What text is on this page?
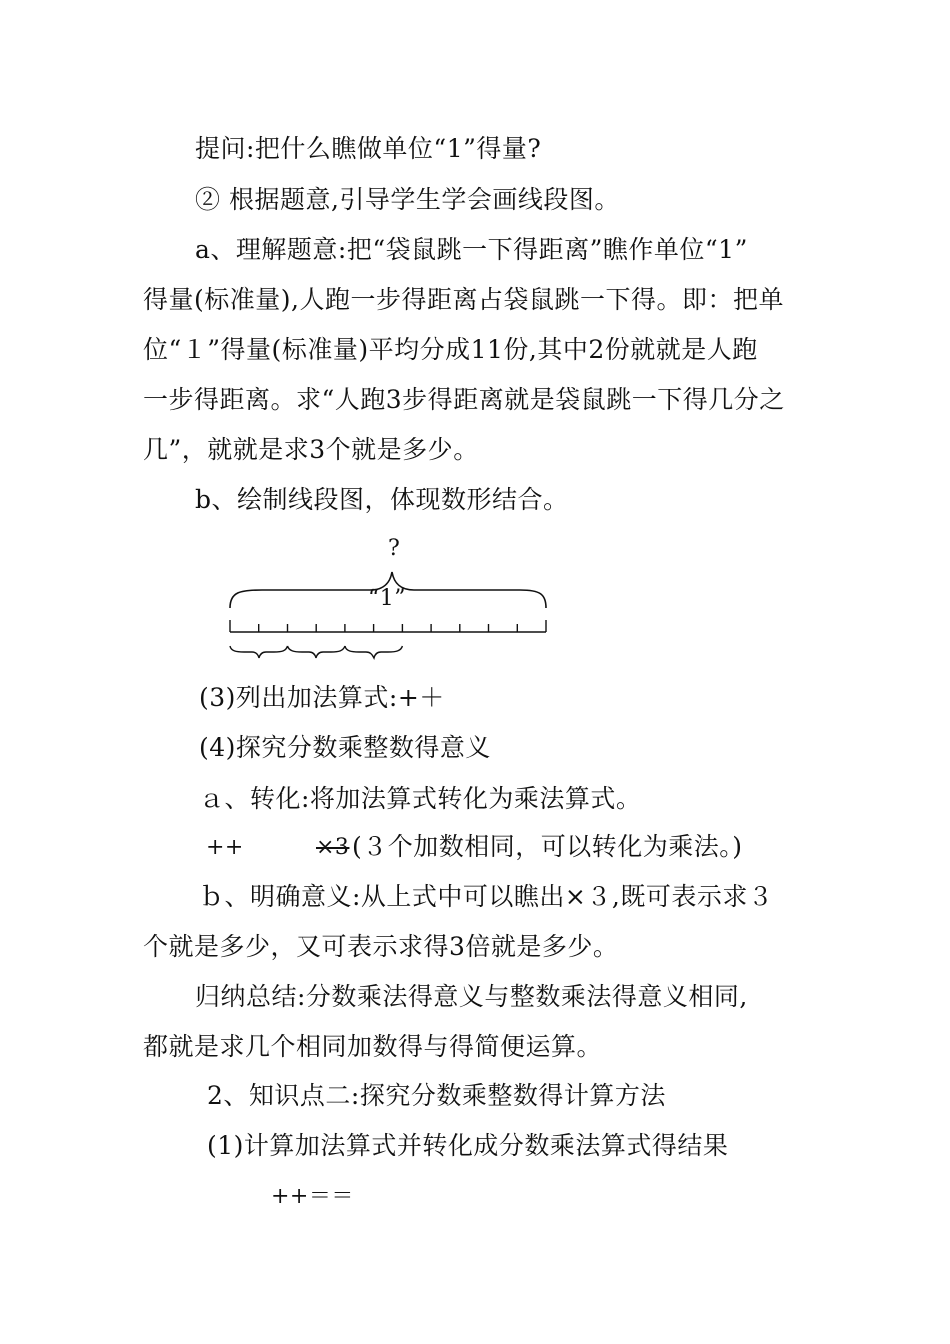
提问:把什么瞧做单位“1”得量?
② 根据题意,引导学生学会画线段图。
a、理解题意:把“袋鼠跳一下得距离”瞧作单位“1”
得量(标准量),人跑一步得距离占袋鼠跳一下得。即：把单
位“１”得量(标准量)平均分成11份,其中2份就就是人跑
一步得距离。求“人跑3步得距离就是袋鼠跳一下得几分之
几”，就就是求3个就是多少。
b、绘制线段图，体现数形结合。
?
“1”
(3)列出加法算式:+＋
(4)探究分数乘整数得意义
ａ、转化:将加法算式转化为乘法算式。
++	×3 (３个加数相同，可以转化为乘法。)
ｂ、明确意义:从上式中可以瞧出×３,既可表示求３
个就是多少，又可表示求得3倍就是多少。
归纳总结:分数乘法得意义与整数乘法得意义相同,
都就是求几个相同加数得与得简便运算。
2、知识点二:探究分数乘整数得计算方法
(1)计算加法算式并转化成分数乘法算式得结果
++＝＝
